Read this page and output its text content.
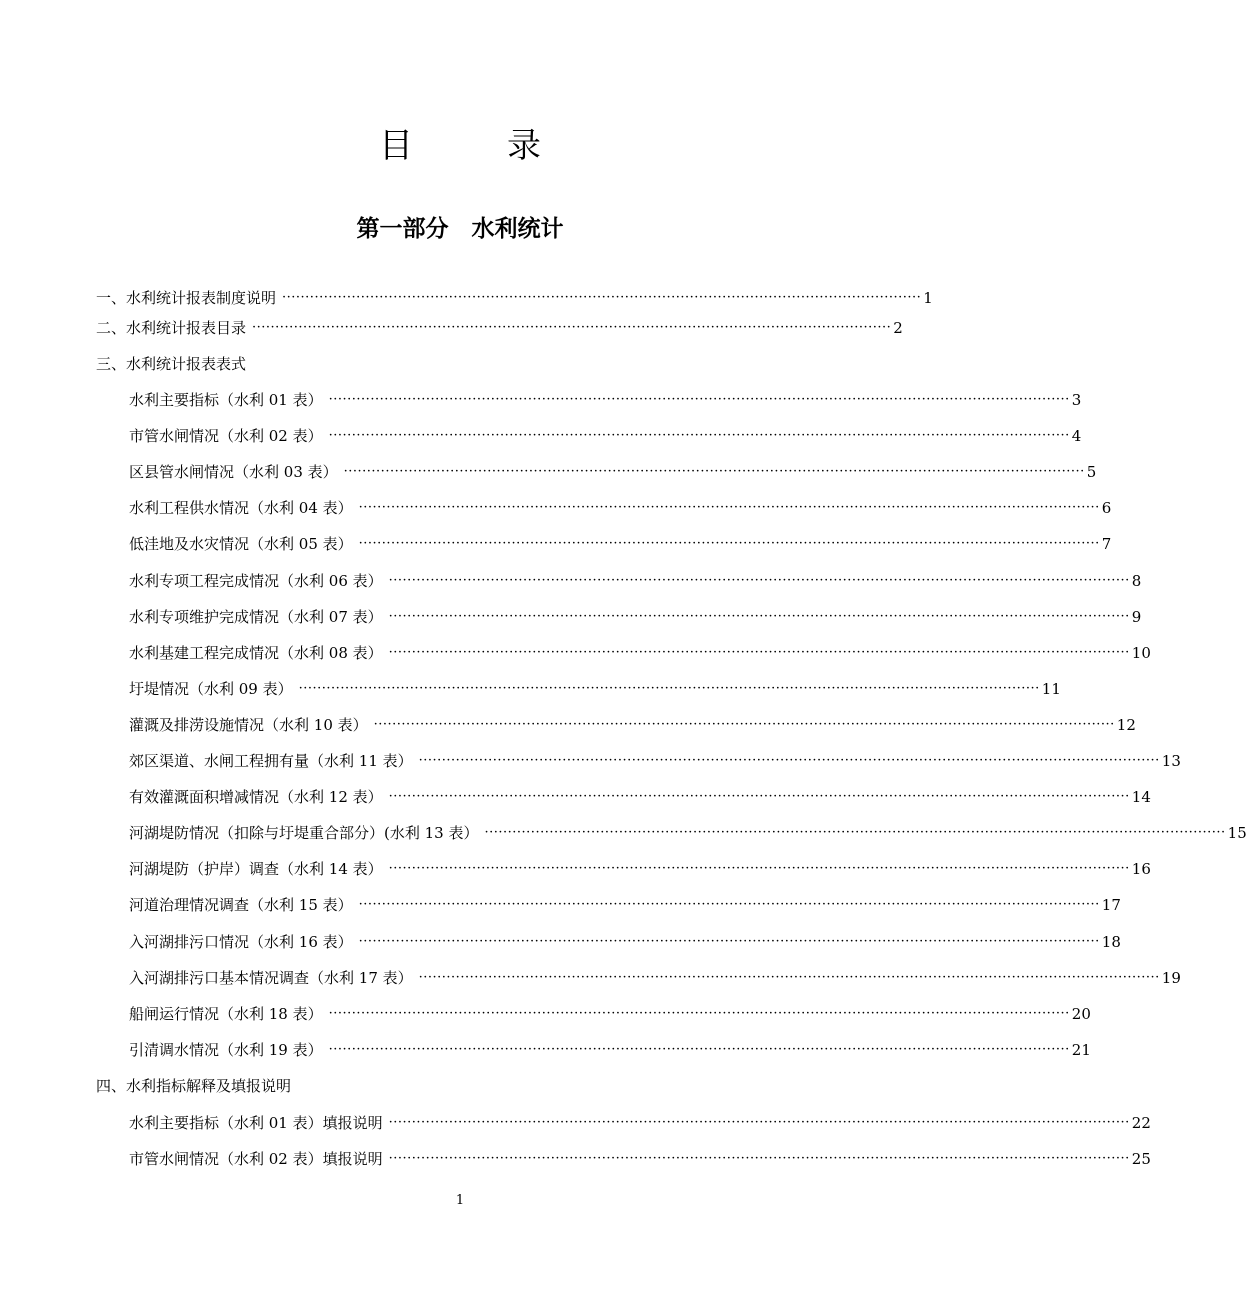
目　录
第一部分　水利统计
一、水利统计报表制度说明 ·········································································································································· 1
二、水利统计报表目录 ·········································································································································· 2
三、水利统计报表表式
水利主要指标（水利 01 表） ································································································································································ 3
市管水闸情况（水利 02 表） ································································································································································ 4
区县管水闸情况（水利 03 表） ································································································································································ 5
水利工程供水情况（水利 04 表） ································································································································································ 6
低洼地及水灾情况（水利 05 表） ································································································································································ 7
水利专项工程完成情况（水利 06 表） ································································································································································ 8
水利专项维护完成情况（水利 07 表） ································································································································································ 9
水利基建工程完成情况（水利 08 表） ································································································································································ 10
圩堤情况（水利 09 表） ································································································································································ 11
灌溉及排涝设施情况（水利 10 表） ································································································································································ 12
郊区渠道、水闸工程拥有量（水利 11 表） ································································································································································ 13
有效灌溉面积增减情况（水利 12 表） ································································································································································ 14
河湖堤防情况（扣除与圩堤重合部分）(水利 13 表） ································································································································································ 15
河湖堤防（护岸）调查（水利 14 表） ································································································································································ 16
河道治理情况调查（水利 15 表） ································································································································································ 17
入河湖排污口情况（水利 16 表） ································································································································································ 18
入河湖排污口基本情况调查（水利 17 表） ································································································································································ 19
船闸运行情况（水利 18 表） ································································································································································ 20
引清调水情况（水利 19 表） ································································································································································ 21
四、水利指标解释及填报说明
水利主要指标（水利 01 表）填报说明 ································································································································································ 22
市管水闸情况（水利 02 表）填报说明 ································································································································································ 25
1
